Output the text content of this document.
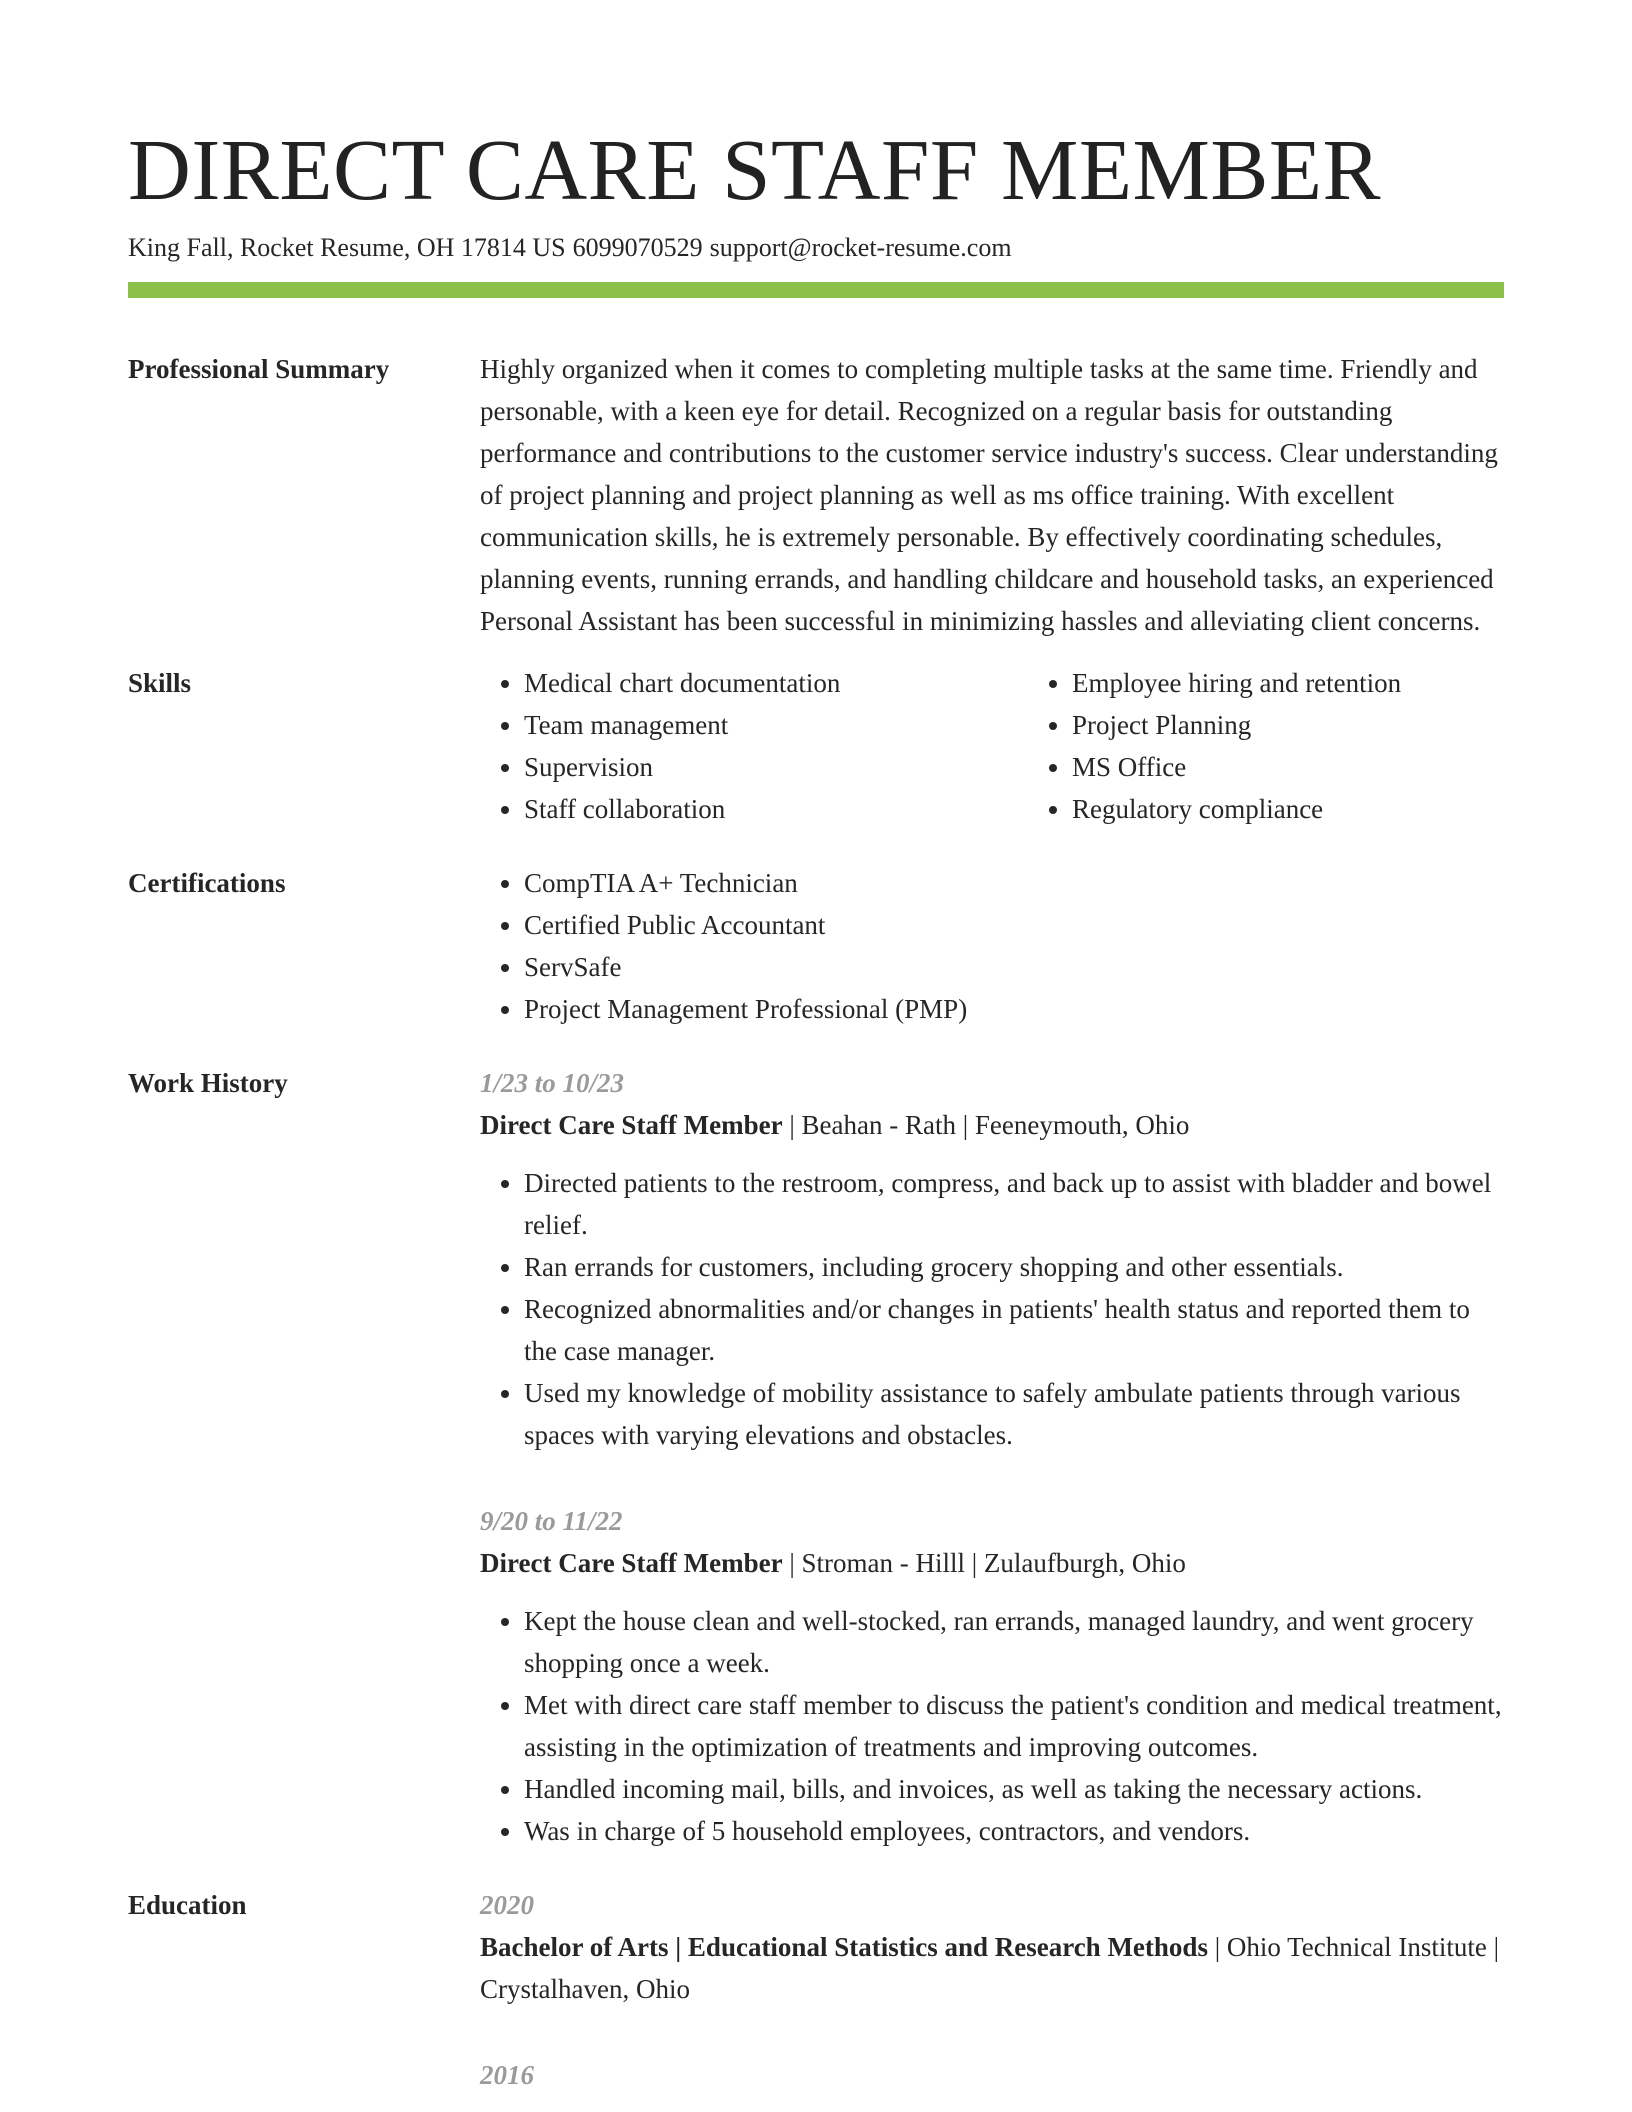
DIRECT CARE STAFF MEMBER
King Fall, Rocket Resume, OH 17814 US 6099070529 support@rocket-resume.com
Professional Summary	Highly organized when it comes to completing multiple tasks at the same time. Friendly and personable, with a keen eye for detail. Recognized on a regular basis for outstanding performance and contributions to the customer service industry's success. Clear understanding of project planning and project planning as well as ms office training. With excellent communication skills, he is extremely personable. By effectively coordinating schedules, planning events, running errands, and handling childcare and household tasks, an experienced Personal Assistant has been successful in minimizing hassles and alleviating client concerns.

Skills	• Medical chart documentation
• Team management
• Supervision
• Staff collaboration
• Employee hiring and retention
• Project Planning
• MS Office
• Regulatory compliance
Certifications	• CompTIA A+ Technician
• Certified Public Accountant
• ServSafe
• Project Management Professional (PMP)
Work History	1/23 to 10/23
Direct Care Staff Member | Beahan - Rath | Feeneymouth, Ohio
• Directed patients to the restroom, compress, and back up to assist with bladder and bowel relief.
• Ran errands for customers, including grocery shopping and other essentials.
• Recognized abnormalities and/or changes in patients' health status and reported them to the case manager.
• Used my knowledge of mobility assistance to safely ambulate patients through various spaces with varying elevations and obstacles.
9/20 to 11/22
Direct Care Staff Member | Stroman - Hilll | Zulaufburgh, Ohio
• Kept the house clean and well-stocked, ran errands, managed laundry, and went grocery shopping once a week.
• Met with direct care staff member to discuss the patient's condition and medical treatment, assisting in the optimization of treatments and improving outcomes.
• Handled incoming mail, bills, and invoices, as well as taking the necessary actions.
• Was in charge of 5 household employees, contractors, and vendors.
Education	2020
Bachelor of Arts | Educational Statistics and Research Methods | Ohio Technical Institute | Crystalhaven, Ohio
2016
